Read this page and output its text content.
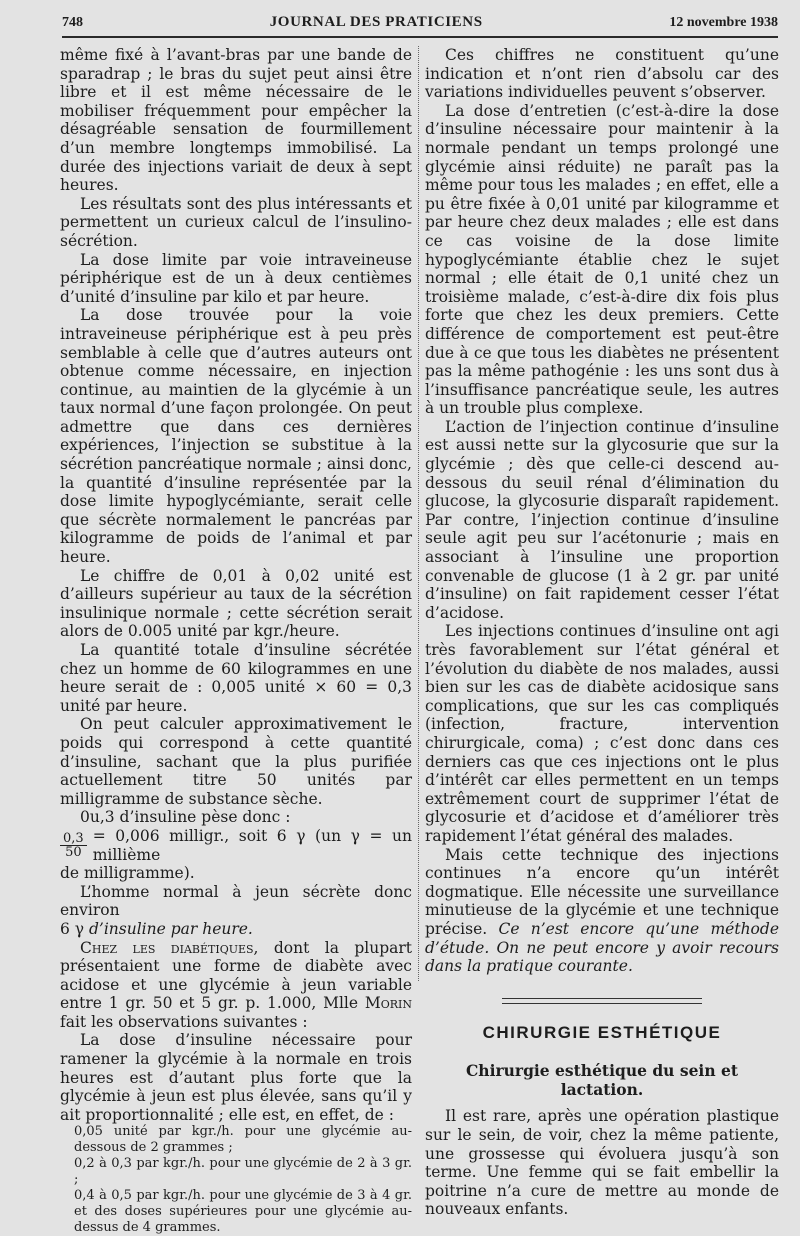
748	JOURNAL DES PRATICIENS	12 novembre 1938

même fixé à l’avant-bras par une bande de sparadrap ; le bras du sujet peut ainsi être libre et il est même nécessaire de le mobiliser fréquemment pour empêcher la désagréable sensation de fourmillement d’un membre longtemps immobilisé. La durée des injections variait de deux à sept heures.

Les résultats sont des plus intéressants et permettent un curieux calcul de l’insulino-sécrétion.

La dose limite par voie intraveineuse périphérique est de un à deux centièmes d’unité d’insuline par kilo et par heure.

La dose trouvée pour la voie intraveineuse périphérique est à peu près semblable à celle que d’autres auteurs ont obtenue comme nécessaire, en injection continue, au maintien de la glycémie à un taux normal d’une façon prolongée. On peut admettre que dans ces dernières expériences, l’injection se substitue à la sécrétion pancréatique normale ; ainsi donc, la quantité d’insuline représentée par la dose limite hypoglycémiante, serait celle que sécrète normalement le pancréas par kilogramme de poids de l’animal et par heure.

Le chiffre de 0,01 à 0,02 unité est d’ailleurs supérieur au taux de la sécrétion insulinique normale ; cette sécrétion serait alors de 0.005 unité par kgr./heure.

La quantité totale d’insuline sécrétée chez un homme de 60 kilogrammes en une heure serait de : 0,005 unité × 60 = 0,3 unité par heure.

On peut calculer approximativement le poids qui correspond à cette quantité d’insuline, sachant que la plus purifiée actuellement titre 50 unités par milligramme de substance sèche.

0u,3 d’insuline pèse donc :

$\frac{0,3}{50} = 0,006$ milligr., soit 6 γ (un γ = un millième

de milligramme).

L’homme normal à jeun sécrète donc environ

6 γ d’insuline par heure.

Chez les diabétiques, dont la plupart présentaient une forme de diabète avec acidose et une glycémie à jeun variable entre 1 gr. 50 et 5 gr. p. 1.000, Mlle Morin fait les observations suivantes :

La dose d’insuline nécessaire pour ramener la glycémie à la normale en trois heures est d’autant plus forte que la glycémie à jeun est plus élevée, sans qu’il y ait proportionnalité ; elle est, en effet, de :

0,05 unité par kgr./h. pour une glycémie au-dessous de 2 grammes ;

0,2 à 0,3 par kgr./h. pour une glycémie de 2 à 3 gr. ;

0,4 à 0,5 par kgr./h. pour une glycémie de 3 à 4 gr. et des doses supérieures pour une glycémie au-dessus de 4 grammes.

Ces chiffres ne constituent qu’une indication et n’ont rien d’absolu car des variations individuelles peuvent s’observer.

La dose d’entretien (c’est-à-dire la dose d’insuline nécessaire pour maintenir à la normale pendant un temps prolongé une glycémie ainsi réduite) ne paraît pas la même pour tous les malades ; en effet, elle a pu être fixée à 0,01 unité par kilogramme et par heure chez deux malades ; elle est dans ce cas voisine de la dose limite hypoglycémiante établie chez le sujet normal ; elle était de 0,1 unité chez un troisième malade, c’est-à-dire dix fois plus forte que chez les deux premiers. Cette différence de comportement est peut-être due à ce que tous les diabètes ne présentent pas la même pathogénie : les uns sont dus à l’insuffisance pancréatique seule, les autres à un trouble plus complexe.

L’action de l’injection continue d’insuline est aussi nette sur la glycosurie que sur la glycémie ; dès que celle-ci descend au-dessous du seuil rénal d’élimination du glucose, la glycosurie disparaît rapidement. Par contre, l’injection continue d’insuline seule agit peu sur l’acétonurie ; mais en associant à l’insuline une proportion convenable de glucose (1 à 2 gr. par unité d’insuline) on fait rapidement cesser l’état d’acidose.

Les injections continues d’insuline ont agi très favorablement sur l’état général et l’évolution du diabète de nos malades, aussi bien sur les cas de diabète acidosique sans complications, que sur les cas compliqués (infection, fracture, intervention chirurgicale, coma) ; c’est donc dans ces derniers cas que ces injections ont le plus d’intérêt car elles permettent en un temps extrêmement court de supprimer l’état de glycosurie et d’acidose et d’améliorer très rapidement l’état général des malades.

Mais cette technique des injections continues n’a encore qu’un intérêt dogmatique. Elle nécessite une surveillance minutieuse de la glycémie et une technique précise. Ce n’est encore qu’une méthode d’étude. On ne peut encore y avoir recours dans la pratique courante.

CHIRURGIE ESTHÉTIQUE
Chirurgie esthétique du sein et lactation.

Il est rare, après une opération plastique sur le sein, de voir, chez la même patiente, une grossesse qui évoluera jusqu’à son terme. Une femme qui se fait embellir la poitrine n’a cure de mettre au monde de nouveaux enfants.
